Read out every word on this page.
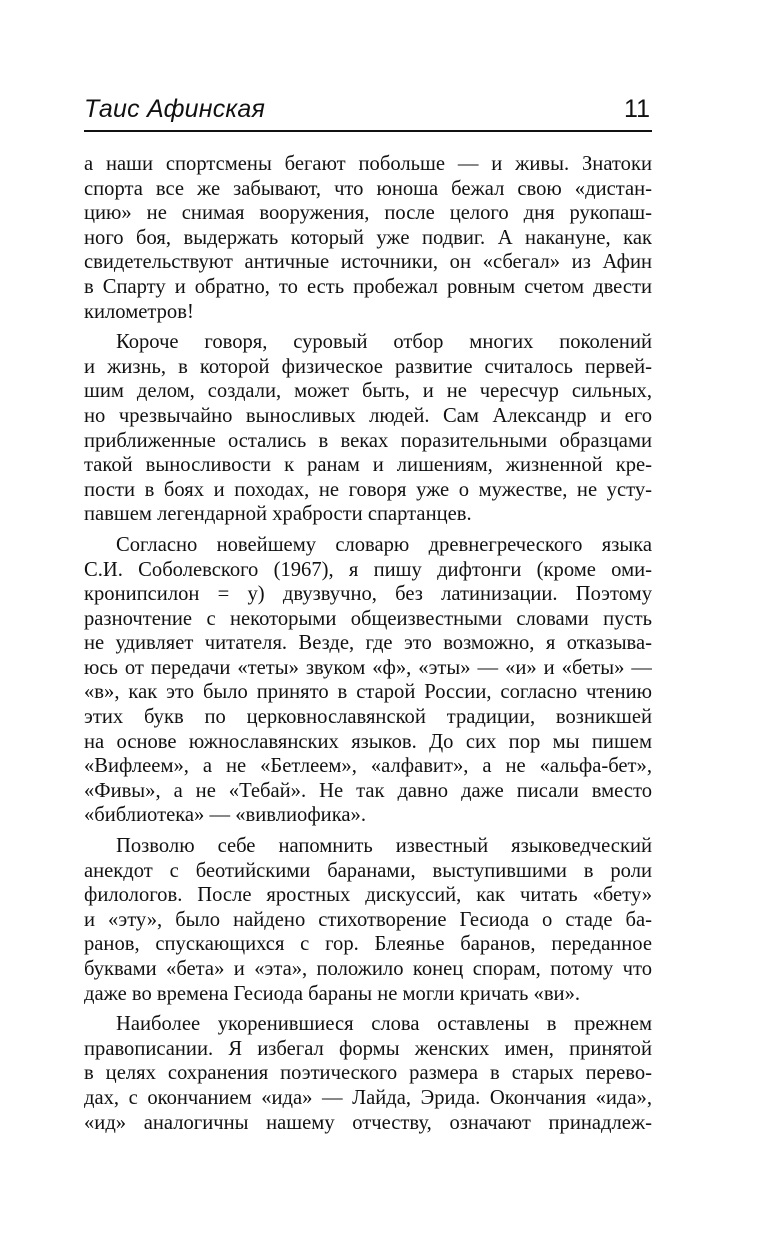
Таис Афинская	11
а наши спортсмены бегают побольше — и живы. Знатоки
спорта все же забывают, что юноша бежал свою «дистан-
цию» не снимая вооружения, после целого дня рукопаш-
ного боя, выдержать который уже подвиг. А накануне, как
свидетельствуют античные источники, он «сбегал» из Афин
в Спарту и обратно, то есть пробежал ровным счетом двести
километров!
Короче говоря, суровый отбор многих поколений
и жизнь, в которой физическое развитие считалось первей-
шим делом, создали, может быть, и не чересчур сильных,
но чрезвычайно выносливых людей. Сам Александр и его
приближенные остались в веках поразительными образцами
такой выносливости к ранам и лишениям, жизненной кре-
пости в боях и походах, не говоря уже о мужестве, не усту-
павшем легендарной храбрости спартанцев.
Согласно новейшему словарю древнегреческого языка
С.И. Соболевского (1967), я пишу дифтонги (кроме оми-
кронипсилон = у) двузвучно, без латинизации. Поэтому
разночтение с некоторыми общеизвестными словами пусть
не удивляет читателя. Везде, где это возможно, я отказыва-
юсь от передачи «теты» звуком «ф», «эты» — «и» и «беты» —
«в», как это было принято в старой России, согласно чтению
этих букв по церковнославянской традиции, возникшей
на основе южнославянских языков. До сих пор мы пишем
«Вифлеем», а не «Бетлеем», «алфавит», а не «альфа-бет»,
«Фивы», а не «Тебай». Не так давно даже писали вместо
«библиотека» — «вивлиофика».
Позволю себе напомнить известный языковедческий
анекдот с беотийскими баранами, выступившими в роли
филологов. После яростных дискуссий, как читать «бету»
и «эту», было найдено стихотворение Гесиода о стаде ба-
ранов, спускающихся с гор. Блеянье баранов, переданное
буквами «бета» и «эта», положило конец спорам, потому что
даже во времена Гесиода бараны не могли кричать «ви».
Наиболее укоренившиеся слова оставлены в прежнем
правописании. Я избегал формы женских имен, принятой
в целях сохранения поэтического размера в старых перево-
дах, с окончанием «ида» — Лайда, Эрида. Окончания «ида»,
«ид» аналогичны нашему отчеству, означают принадлеж-
